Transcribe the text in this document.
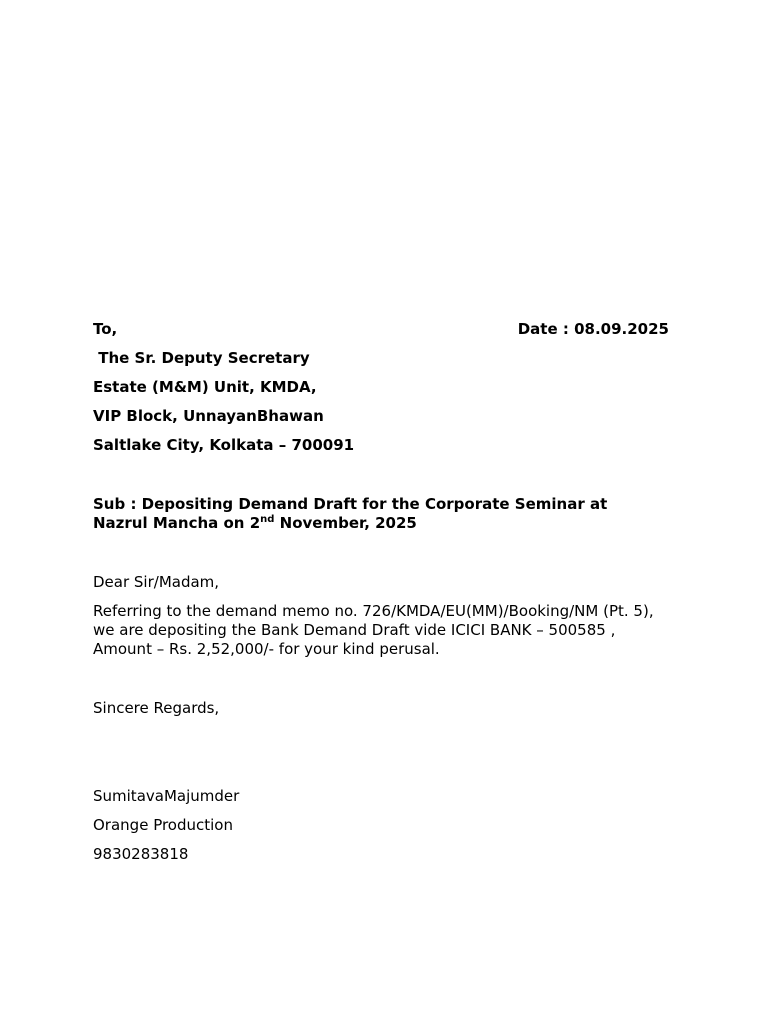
To,	Date : 08.09.2025
The Sr. Deputy Secretary
Estate (M&M) Unit, KMDA,
VIP Block, UnnayanBhawan
Saltlake City, Kolkata – 700091
Sub : Depositing Demand Draft for the Corporate Seminar at
Nazrul Mancha on 2nd November, 2025
Dear Sir/Madam,
Referring to the demand memo no. 726/KMDA/EU(MM)/Booking/NM (Pt. 5),
we are depositing the Bank Demand Draft vide ICICI BANK – 500585 ,
Amount – Rs. 2,52,000/- for your kind perusal.
Sincere Regards,
SumitavaMajumder
Orange Production
9830283818
